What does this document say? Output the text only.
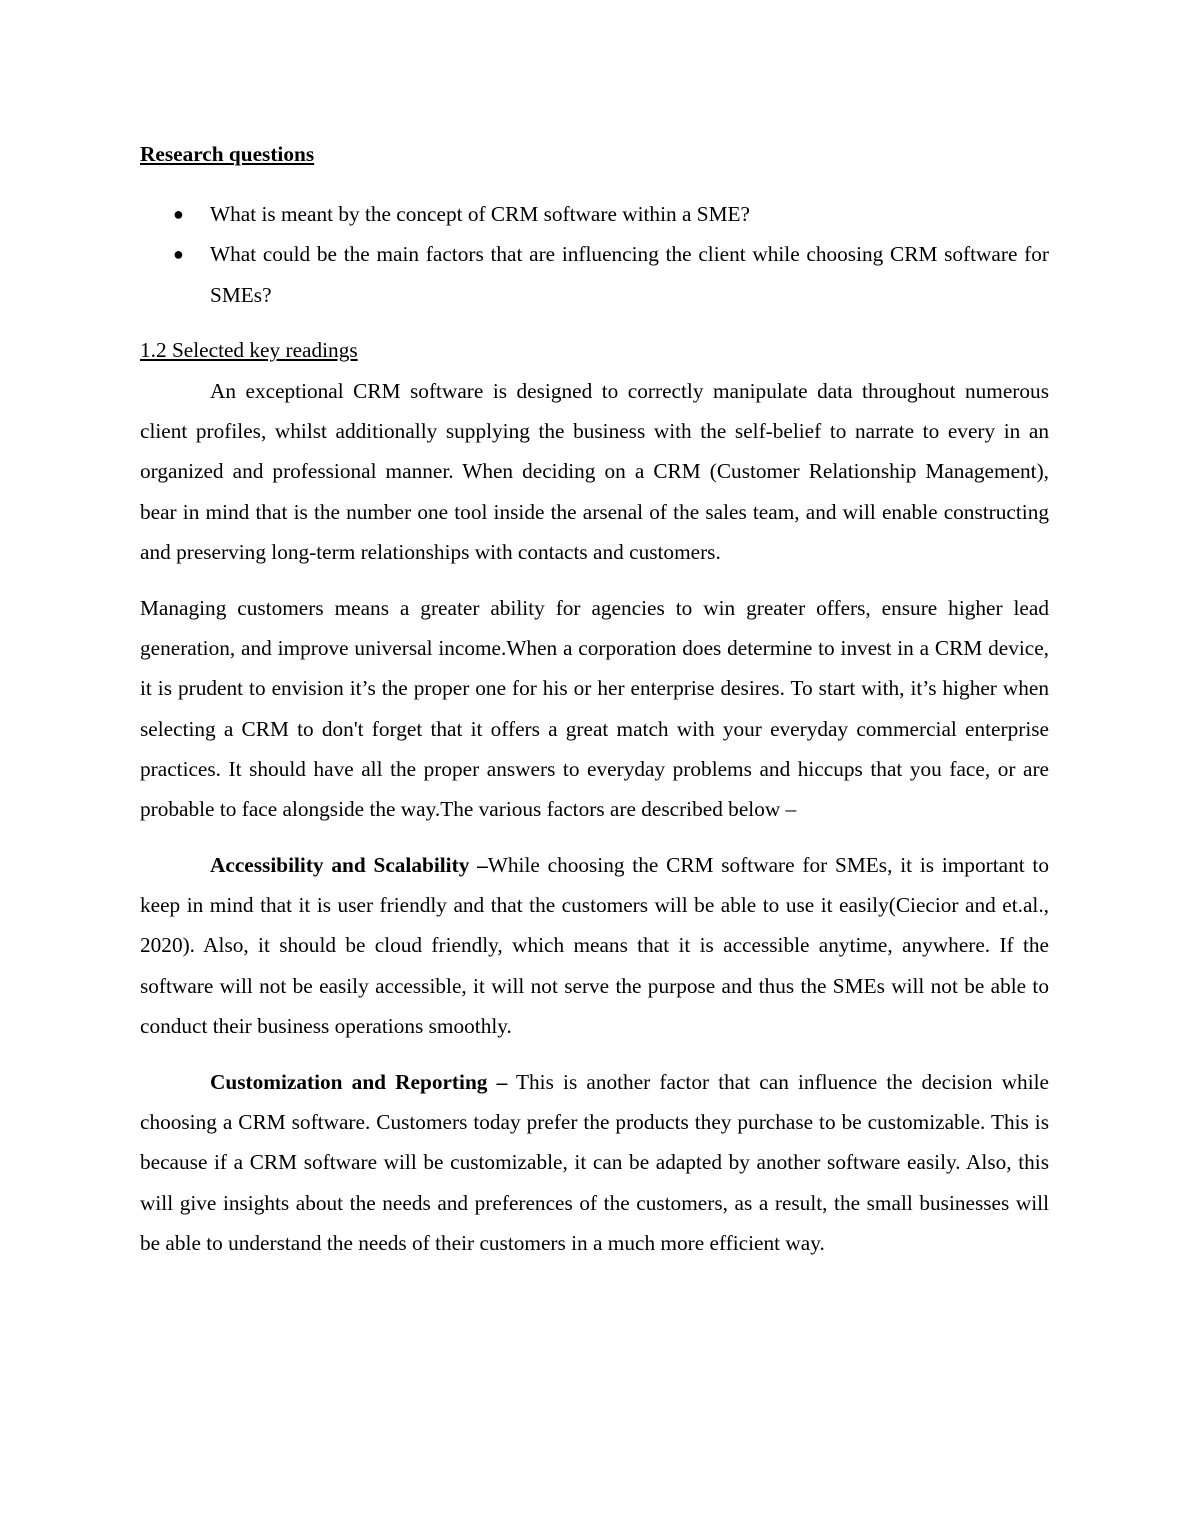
Research questions
● What is meant by the concept of CRM software within a SME?
● What could be the main factors that are influencing the client while choosing CRM software for SMEs?
1.2 Selected key readings

An exceptional CRM software is designed to correctly manipulate data throughout numerous client profiles, whilst additionally supplying the business with the self-belief to narrate to every in an organized and professional manner. When deciding on a CRM (Customer Relationship Management), bear in mind that is the number one tool inside the arsenal of the sales team, and will enable constructing and preserving long-term relationships with contacts and customers.

Managing customers means a greater ability for agencies to win greater offers, ensure higher lead generation, and improve universal income.When a corporation does determine to invest in a CRM device, it is prudent to envision it’s the proper one for his or her enterprise desires. To start with, it’s higher when selecting a CRM to don't forget that it offers a great match with your everyday commercial enterprise practices. It should have all the proper answers to everyday problems and hiccups that you face, or are probable to face alongside the way.The various factors are described below –

Accessibility and Scalability –While choosing the CRM software for SMEs, it is important to keep in mind that it is user friendly and that the customers will be able to use it easily(Ciecior and et.al., 2020). Also, it should be cloud friendly, which means that it is accessible anytime, anywhere. If the software will not be easily accessible, it will not serve the purpose and thus the SMEs will not be able to conduct their business operations smoothly.

Customization and Reporting – This is another factor that can influence the decision while choosing a CRM software. Customers today prefer the products they purchase to be customizable. This is because if a CRM software will be customizable, it can be adapted by another software easily. Also, this will give insights about the needs and preferences of the customers, as a result, the small businesses will be able to understand the needs of their customers in a much more efficient way.
